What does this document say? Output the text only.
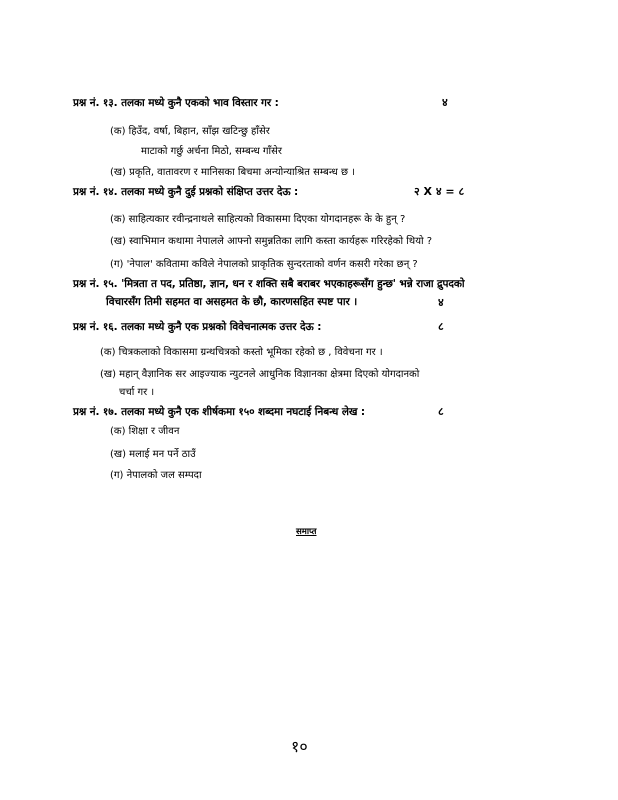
प्रश्न नं. १३. तलका मध्ये कुनै एकको भाव विस्तार गर :	४
(क) हिउँद, वर्षा, बिहान, साँझ खटिन्छु हाँसेर
माटाको गर्छु अर्चना मिठो, सम्बन्ध गाँसेर
(ख) प्रकृति, वातावरण र मानिसका बिचमा अन्योन्याश्रित सम्बन्ध छ ।
प्रश्न नं. १४. तलका मध्ये कुनै दुई प्रश्नको संक्षिप्त उत्तर देऊ :	२ X ४ = ८
(क) साहित्यकार रवीन्द्रनाथले साहित्यको विकासमा दिएका योगदानहरू के के हुन् ?
(ख) स्वाभिमान कथामा नेपालले आफ्नो समुन्नतिका लागि कस्ता कार्यहरू गरिरहेको थियो ?
(ग) 'नेपाल' कवितामा कविले नेपालको प्राकृतिक सुन्दरताको वर्णन कसरी गरेका छन् ?
प्रश्न नं. १५. 'मित्रता त पद, प्रतिष्ठा, ज्ञान, धन र शक्ति सबै बराबर भएकाहरूसँग हुन्छ' भन्ने राजा द्रुपदको
विचारसँग तिमी सहमत वा असहमत के छौ, कारणसहित स्पष्ट पार ।	४
प्रश्न नं. १६. तलका मध्ये कुनै एक प्रश्नको विवेचनात्मक उत्तर देऊ :	८
(क) चित्रकलाको विकासमा ग्रन्थचित्रको कस्तो भूमिका रहेको छ , विवेचना गर ।
(ख) महान् वैज्ञानिक सर आइज्याक न्युटनले आधुनिक विज्ञानका क्षेत्रमा दिएको योगदानको
चर्चा गर ।
प्रश्न नं. १७. तलका मध्ये कुनै एक शीर्षकमा १५० शब्दमा नघटाई निबन्ध लेख :	८
(क) शिक्षा र जीवन
(ख) मलाई मन पर्ने ठाउँ
(ग) नेपालको जल सम्पदा
समाप्त
१०
